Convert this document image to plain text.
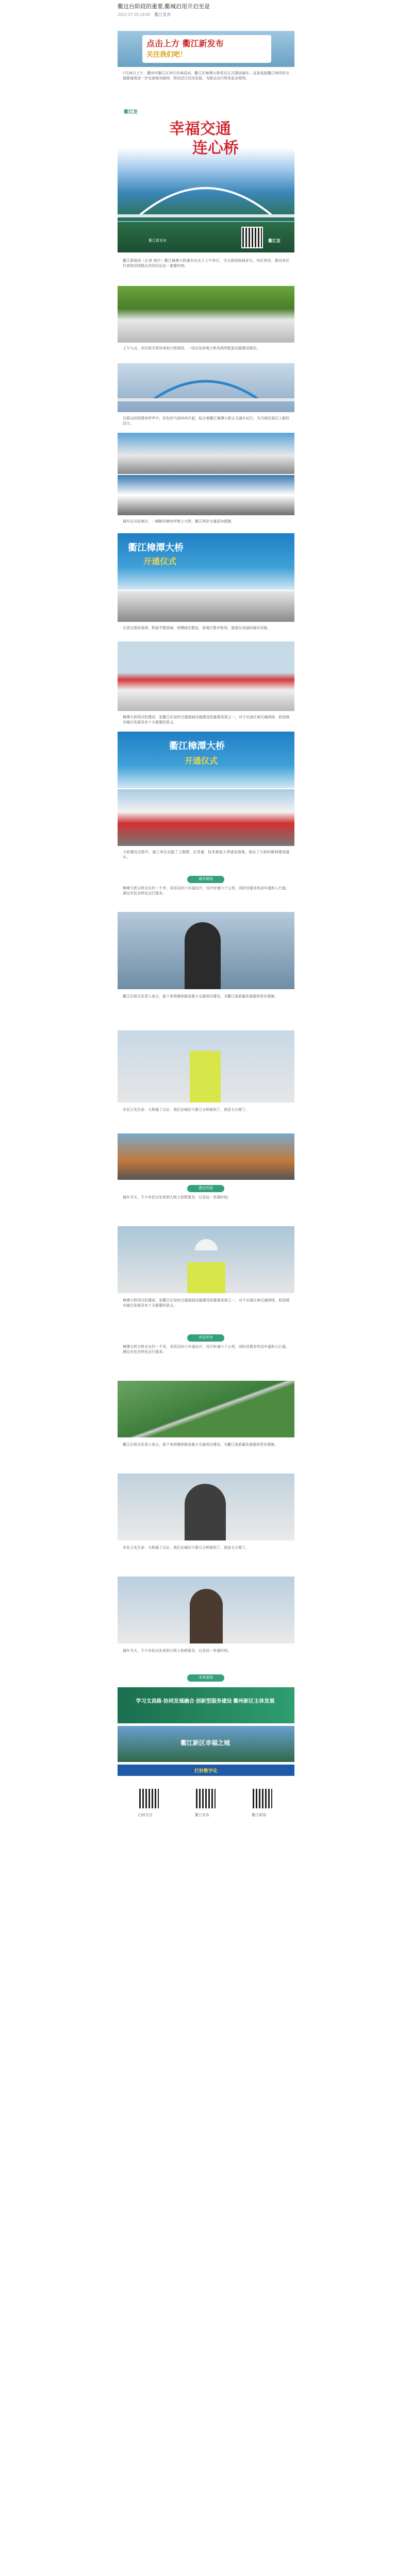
衢这台阶段的重要,衢城启用开启至是
2022-07-26 19:00 衢江发布
点击上方 衢江新发布
关注我们吧！
7月26日上午，衢州市衢江区举行庆典活动，衢江区樟潭大桥项目正式建成通车。这条连接衢江两岸的交通要道将进一步完善城市路网，带动沿江经济发展，为群众出行带来更多便利。
衢江发
幸福交通
连心桥
衢江新发布	衢江发
衢江新闻讯（记者 胡宇）衢江樟潭大桥通车仪式于上午举行，当天现场热闹非凡，市区领导、建设单位代表和沿线群众共同见证这一重要时刻。
上午九点，市区相关领导来到大桥现场，一同出发参观大桥及两岸配套设施建设情况。
在群众的热情欢呼声中，彩色的气球冉冉升起，标志着衢江樟潭大桥正式通车运行，为当地发展注入新的活力。
通车仪式结束后，一辆辆车辆有序驶上大桥，衢江两岸交通更加便捷。
衢江樟潭大桥
开通仪式
记者在现场看到，桥面平整宽阔，两侧绿化整洁，景观灯整齐排列，展现出美丽的城市风貌。
樟潭大桥项目的建成，是衢江区加快交通基础设施建设的重要成果之一，对于完善区域交通网络、促进城乡融合发展具有十分重要的意义。
衢江樟潭大桥
开通仪式
大桥建设过程中，施工单位克服了工期紧、任务重、技术难度大等诸多困难，保证了大桥的顺利建成通车。
通车现场
樟潭大桥主桥全长约一千米，采用双向六车道设计，设计时速六十公里，同时设置非机动车道和人行道，满足市民多样化出行需求。
衢江区相关负责人表示，接下来将继续推进重大交通项目建设，为衢江高质量发展提供坚实保障。
市民王先生说：大桥通了以后，我们去城区只要几分钟就到了，真是太方便了。
建设历程
通车当天，不少市民自发来到大桥上拍照留念，记录这一幸福时刻。
樟潭大桥项目的建成，是衢江区加快交通基础设施建设的重要成果之一，对于完善区域交通网络、促进城乡融合发展具有十分重要的意义。
市民声音
樟潭大桥主桥全长约一千米，采用双向六车道设计，设计时速六十公里，同时设置非机动车道和人行道，满足市民多样化出行需求。
衢江区相关负责人表示，接下来将继续推进重大交通项目建设，为衢江高质量发展提供坚实保障。
市民王先生说：大桥通了以后，我们去城区只要几分钟就到了，真是太方便了。
通车当天，不少市民自发来到大桥上拍照留念，记录这一幸福时刻。
未来展望
学习文昌路·协同发展融合 创新型服务建设 衢州新区主体发展
衢江新区幸福之城
打好数字化
扫码关注	衢江发布	衢江新闻
